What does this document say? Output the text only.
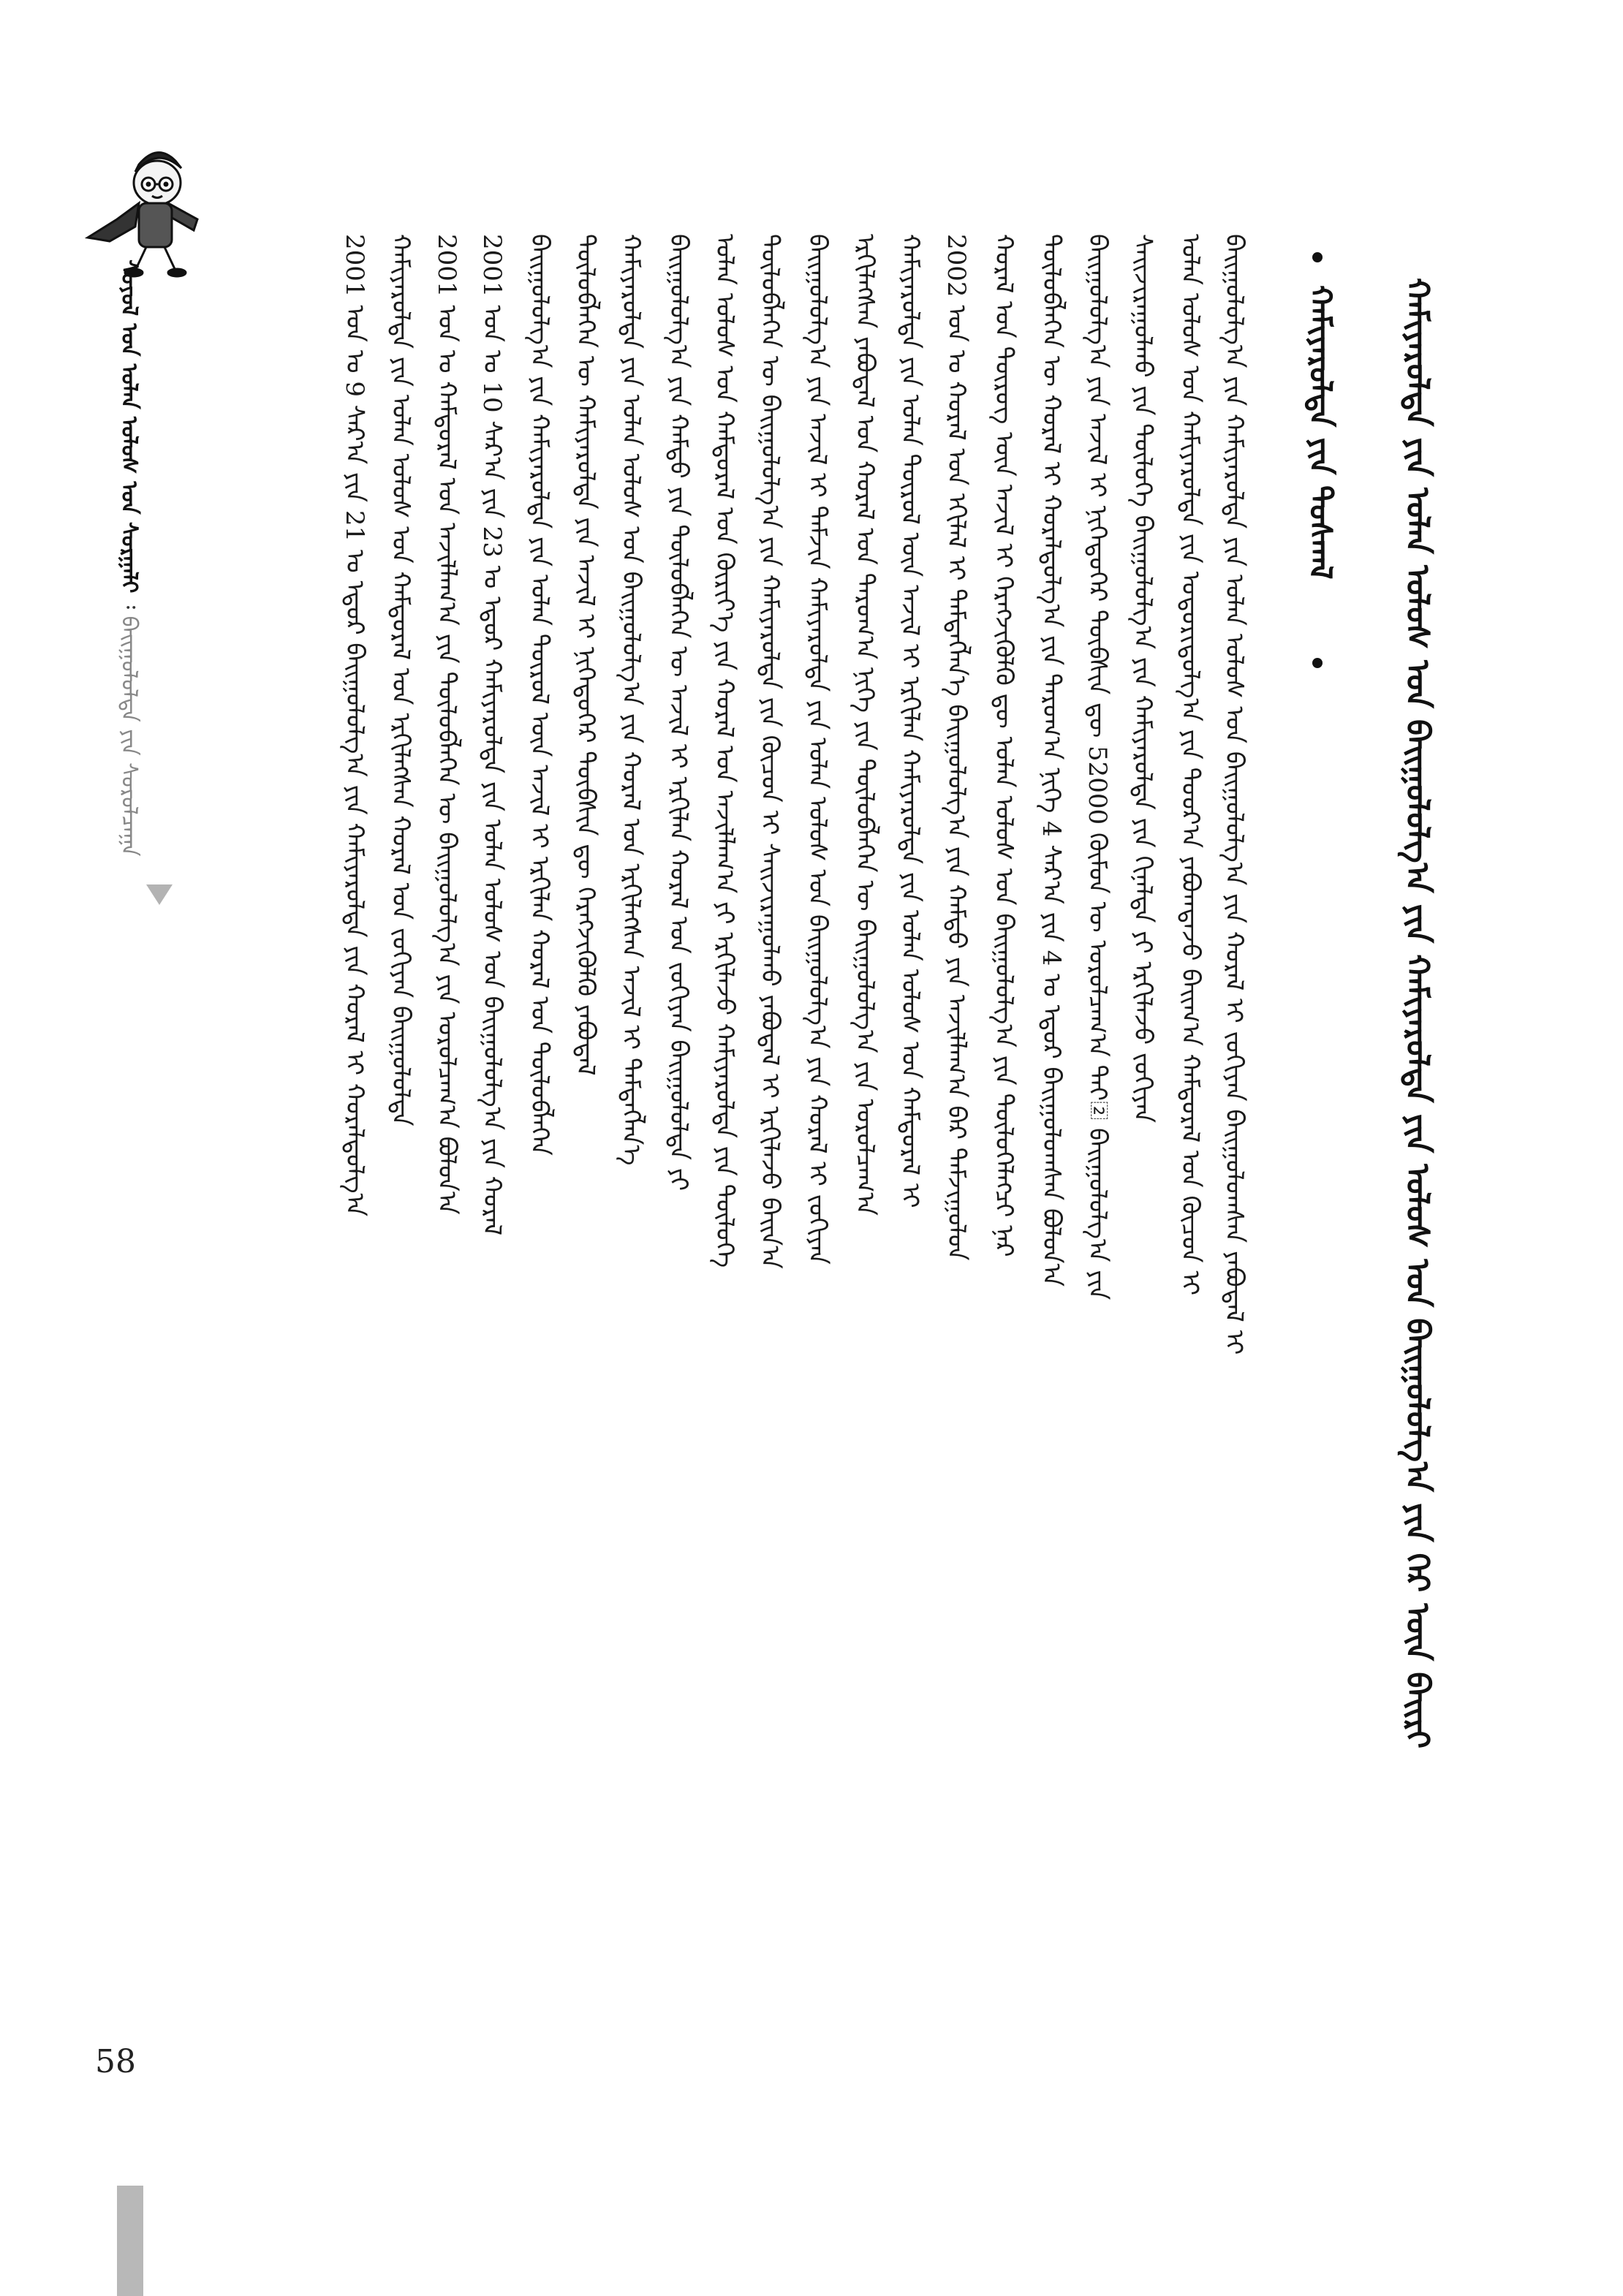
ᠰᠣᠶᠣᠯ ᠤᠨ ᠣᠯᠠᠨ ᠤᠯᠤᠰ ᠤᠨ ᠰᠤᠷᠭᠠᠯᠢ ᠄ ᠪᠠᠢ᠌ᠭᠤᠯᠤᠯᠲᠠ ᠶᠢᠨ ᠰᠤᠷᠤᠯᠴᠠᠭᠠ	ᠬᠠᠮᠢᠶᠠᠷᠤᠯᠲᠠ ᠶᠢᠨ ᠣᠯᠠᠨ ᠤᠯᠤᠰ ᠤᠨ ᠪᠠᠢ᠌ᠭᠤᠯᠤᠯᠭ᠎ᠠ ᠶᠢᠨ ᠬᠠᠮᠢᠶᠠᠷᠤᠯᠲᠠ ᠶᠢᠨ ᠤᠯᠤᠰ ᠤᠨ ᠪᠠᠢ᠌ᠭᠤᠯᠤᠯᠭ᠎ᠠ ᠶᠢᠨ ᠭᠡᠷ ᠦᠨ ᠪᠠᠢ᠌ᠷᠢ
ᠬᠠᠮᠢᠶᠠᠷᠤᠯᠲᠠ ᠶᠢᠨ ᠲᠤᠰᠬᠠᠯ
ᠪᠠᠢ᠌ᠭᠤᠯᠤᠯᠭ᠎ᠠ ᠶᠢᠨ ᠬᠠᠮᠢᠶᠠᠷᠤᠯᠲᠠ ᠶᠢᠨ ᠣᠯᠠᠨ ᠤᠯᠤᠰ ᠤᠨ ᠪᠠᠢ᠌ᠭᠤᠯᠤᠯᠭ᠎ᠠ ᠶᠢᠨ ᠬᠤᠷᠠᠯ ᠢ ᠵᠣᠬᠢᠶᠠᠨ ᠪᠠᠢ᠌ᠭᠤᠯᠤᠭᠰᠠᠨ ᠶᠠᠪᠤᠳᠠᠯ ᠢ
ᠣᠯᠠᠨ ᠤᠯᠤᠰ ᠤᠨ ᠬᠠᠮᠢᠶᠠᠷᠤᠯᠲᠠ ᠶᠢᠨ ᠤᠳᠤᠷᠢᠳᠤᠯᠭ᠎ᠠ ᠶᠢᠨ ᠳᠣᠣᠷ᠎ᠠ ᠶᠠᠪᠤᠭᠳᠠᠵᠤ ᠪᠠᠢ᠌ᠭ᠎ᠠ ᠬᠠᠮᠲᠤᠷᠠᠯ ᠤᠨ ᠬᠦᠴᠦᠨ ᠢ
ᠰᠠᠢ᠌ᠵᠢᠷᠠᠭᠤᠯᠬᠤ ᠶᠢᠨ ᠲᠥᠯᠥᠭᠡ ᠪᠠᠢ᠌ᠭᠤᠯᠤᠯᠭ᠎ᠠ ᠶᠢᠨ ᠬᠠᠮᠢᠶᠠᠷᠤᠯᠲᠠ ᠶᠢᠨ ᠬᠢᠨᠠᠯᠲᠠ ᠶᠢ ᠡᠷᠬᠢᠯᠡᠵᠦ ᠵᠣᠬᠢᠶᠠᠨ
ᠪᠠᠢ᠌ᠭᠤᠯᠤᠯᠭ᠎ᠠ ᠶᠢᠨ ᠠᠵᠢᠯ ᠢ ᠨᠢᠭᠡᠳᠦᠭᠡᠷ ᠲᠦᠪᠰᠢᠨ ᠳᠦ 52000 ᠬᠦᠮᠦᠨ ᠦ ᠣᠷᠣᠯᠴᠠᠭ᠎ᠠ ᠲᠠᠢ᠌ ᠪᠠᠢ᠌ᠭᠤᠯᠤᠯᠭ᠎ᠠ ᠶᠢᠨ
ᠲᠥᠯᠥᠪᠯᠡᠭᠡᠨ ᠦ ᠬᠤᠷᠠᠯ ᠢ ᠬᠤᠷᠠᠯᠳᠤᠯᠭ᠎ᠠ ᠶᠢᠨ ᠳᠠᠷᠤᠭ᠎ᠠ ᠨᠢᠭᠡ 4 ᠰᠠᠷ᠎ᠠ ᠶᠢᠨ 4 ᠤ ᠡᠳᠦᠷ ᠪᠠᠢ᠌ᠭᠤᠯᠤᠭᠰᠠᠨ ᠪᠣᠯᠤᠨ᠎ᠠ
ᠬᠤᠷᠠᠯ ᠤᠨ ᠲᠦᠷᠦᠭ ᠦᠨ ᠠᠵᠢᠯ ᠢ ᠬᠡᠷᠡᠭᠵᠢᠭᠦᠯᠬᠦ ᠳᠦ ᠣᠯᠠᠨ ᠤᠯᠤᠰ ᠤᠨ ᠪᠠᠢ᠌ᠭᠤᠯᠤᠯᠭ᠎ᠠ ᠶᠢᠨ ᠲᠥᠯᠥᠭᠡᠯᠡᠭᠴᠢ ᠨᠠᠷ
2002 ᠣᠨ ᠤ ᠬᠤᠷᠠᠯ ᠤᠨ ᠡᠬᠢᠯᠡᠯ ᠢ ᠲᠡᠮᠳᠡᠭᠯᠡᠨ᠎ᠡ ᠪᠠᠢ᠌ᠭᠤᠯᠤᠯᠭ᠎ᠠ ᠶᠢᠨ ᠬᠠᠮᠲᠤ ᠶᠢᠨ ᠠᠵᠢᠯᠯᠠᠭ᠎ᠠ ᠪᠠᠷ ᠳᠠᠮᠵᠢᠭᠤᠯᠤᠨ
ᠬᠠᠮᠢᠶᠠᠷᠤᠯᠲᠠ ᠶᠢᠨ ᠣᠯᠠᠨ ᠲᠥᠷᠦᠯ ᠦᠨ ᠠᠵᠢᠯ ᠢ ᠡᠷᠬᠢᠯᠡᠨ ᠬᠠᠮᠢᠶᠠᠷᠤᠯᠲᠠ ᠶᠢᠨ ᠣᠯᠠᠨ ᠤᠯᠤᠰ ᠤᠨ ᠬᠠᠮᠲᠤᠷᠠᠯ ᠢ
ᠡᠷᠬᠢᠯᠡᠭᠰᠡᠨ ᠶᠠᠪᠤᠳᠠᠯ ᠤᠨ ᠬᠤᠷᠠᠯ ᠤᠨ ᠳᠠᠷᠤᠭ᠎ᠠ ᠨᠢᠭᠡ ᠶᠢᠨ ᠲᠥᠯᠥᠪᠯᠡᠭᠡᠨ ᠦ ᠪᠠᠢ᠌ᠭᠤᠯᠤᠯᠭ᠎ᠠ ᠶᠢᠨ ᠣᠷᠣᠯᠴᠠᠭ᠎ᠠ
ᠪᠠᠢ᠌ᠭᠤᠯᠤᠯᠭ᠎ᠠ ᠶᠢᠨ ᠠᠵᠢᠯ ᠢ ᠳᠡᠮᠵᠢᠨ ᠬᠠᠮᠢᠶᠠᠷᠤᠯᠲᠠ ᠶᠢᠨ ᠣᠯᠠᠨ ᠤᠯᠤᠰ ᠤᠨ ᠪᠠᠢ᠌ᠭᠤᠯᠤᠯᠭ᠎ᠠ ᠶᠢᠨ ᠬᠤᠷᠠᠯ ᠢ ᠵᠣᠬᠢᠶᠠᠨ
ᠲᠥᠯᠥᠪᠯᠡᠭᠡᠨ ᠦ ᠪᠠᠢ᠌ᠭᠤᠯᠤᠯᠭ᠎ᠠ ᠶᠢᠨ ᠬᠠᠮᠢᠶᠠᠷᠤᠯᠲᠠ ᠶᠢᠨ ᠬᠦᠴᠦᠨ ᠢ ᠰᠠᠢ᠌ᠵᠢᠷᠠᠭᠤᠯᠬᠤ ᠶᠠᠪᠤᠳᠠᠯ ᠢ ᠡᠷᠬᠢᠯᠡᠵᠦ ᠪᠠᠢ᠌ᠨ᠎ᠠ
ᠣᠯᠠᠨ ᠤᠯᠤᠰ ᠤᠨ ᠬᠠᠮᠲᠤᠷᠠᠯ ᠤᠨ ᠬᠦᠷᠢᠶ᠎ᠡ ᠶᠢᠨ ᠬᠤᠷᠠᠯ ᠤᠨ ᠠᠵᠢᠯᠯᠠᠭ᠎ᠠ ᠶᠢ ᠡᠷᠬᠢᠯᠡᠵᠦ ᠬᠠᠮᠢᠶᠠᠷᠤᠯᠲᠠ ᠶᠢᠨ ᠲᠥᠯᠥᠭᠡ
ᠪᠠᠢ᠌ᠭᠤᠯᠤᠯᠭ᠎ᠠ ᠶᠢᠨ ᠬᠠᠮᠲᠤ ᠶᠢᠨ ᠲᠥᠯᠥᠪᠯᠡᠭᠡᠨ ᠦ ᠠᠵᠢᠯ ᠢ ᠡᠷᠬᠢᠯᠡᠨ ᠬᠤᠷᠠᠯ ᠤᠨ ᠵᠣᠬᠢᠶᠠᠨ ᠪᠠᠢ᠌ᠭᠤᠯᠤᠯᠲᠠ ᠶᠢ
ᠬᠠᠮᠢᠶᠠᠷᠤᠯᠲᠠ ᠶᠢᠨ ᠣᠯᠠᠨ ᠤᠯᠤᠰ ᠤᠨ ᠪᠠᠢ᠌ᠭᠤᠯᠤᠯᠭ᠎ᠠ ᠶᠢᠨ ᠬᠤᠷᠠᠯ ᠤᠨ ᠡᠷᠬᠢᠯᠡᠭᠰᠡᠨ ᠠᠵᠢᠯ ᠢ ᠲᠡᠮᠳᠡᠭᠯᠡᠨ᠎ᠡ
ᠲᠥᠯᠥᠪᠯᠡᠭᠡᠨ ᠦ ᠬᠠᠮᠢᠶᠠᠷᠤᠯᠲᠠ ᠶᠢᠨ ᠠᠵᠢᠯ ᠢ ᠨᠢᠭᠡᠳᠦᠭᠡᠷ ᠲᠦᠪᠰᠢᠨ ᠳᠦ ᠬᠡᠷᠡᠭᠵᠢᠭᠦᠯᠬᠦ ᠶᠠᠪᠤᠳᠠᠯ
ᠪᠠᠢ᠌ᠭᠤᠯᠤᠯᠭ᠎ᠠ ᠶᠢᠨ ᠬᠠᠮᠢᠶᠠᠷᠤᠯᠲᠠ ᠶᠢᠨ ᠣᠯᠠᠨ ᠲᠥᠷᠦᠯ ᠦᠨ ᠠᠵᠢᠯ ᠢ ᠡᠷᠬᠢᠯᠡᠨ ᠬᠤᠷᠠᠯ ᠤᠨ ᠲᠥᠯᠥᠪᠯᠡᠭᠡᠨ
2001 ᠣᠨ ᠤ 10 ᠰᠠᠷ᠎ᠠ ᠶᠢᠨ 23 ᠤ ᠡᠳᠦᠷ ᠬᠠᠮᠢᠶᠠᠷᠤᠯᠲᠠ ᠶᠢᠨ ᠣᠯᠠᠨ ᠤᠯᠤᠰ ᠤᠨ ᠪᠠᠢ᠌ᠭᠤᠯᠤᠯᠭ᠎ᠠ ᠶᠢᠨ ᠬᠤᠷᠠᠯ
2001 ᠣᠨ ᠤ ᠬᠠᠮᠲᠤᠷᠠᠯ ᠤᠨ ᠠᠵᠢᠯᠯᠠᠭ᠎ᠠ ᠶᠢᠨ ᠲᠥᠯᠥᠪᠯᠡᠭᠡᠨ ᠦ ᠪᠠᠢ᠌ᠭᠤᠯᠤᠯᠭ᠎ᠠ ᠶᠢᠨ ᠣᠷᠣᠯᠴᠠᠭ᠎ᠠ ᠪᠣᠯᠤᠨ᠎ᠠ
ᠬᠠᠮᠢᠶᠠᠷᠤᠯᠲᠠ ᠶᠢᠨ ᠣᠯᠠᠨ ᠤᠯᠤᠰ ᠤᠨ ᠬᠠᠮᠲᠤᠷᠠᠯ ᠤᠨ ᠡᠷᠬᠢᠯᠡᠭᠰᠡᠨ ᠬᠤᠷᠠᠯ ᠤᠨ ᠵᠣᠬᠢᠶᠠᠨ ᠪᠠᠢ᠌ᠭᠤᠯᠤᠯᠲᠠ
2001 ᠣᠨ ᠤ 9 ᠰᠠᠷ᠎ᠠ ᠶᠢᠨ 21 ᠤ ᠡᠳᠦᠷ ᠪᠠᠢ᠌ᠭᠤᠯᠤᠯᠭ᠎ᠠ ᠶᠢᠨ ᠬᠠᠮᠢᠶᠠᠷᠤᠯᠲᠠ ᠶᠢᠨ ᠬᠤᠷᠠᠯ ᠢ ᠬᠤᠷᠠᠯᠳᠤᠯᠭ᠎ᠠ
58
